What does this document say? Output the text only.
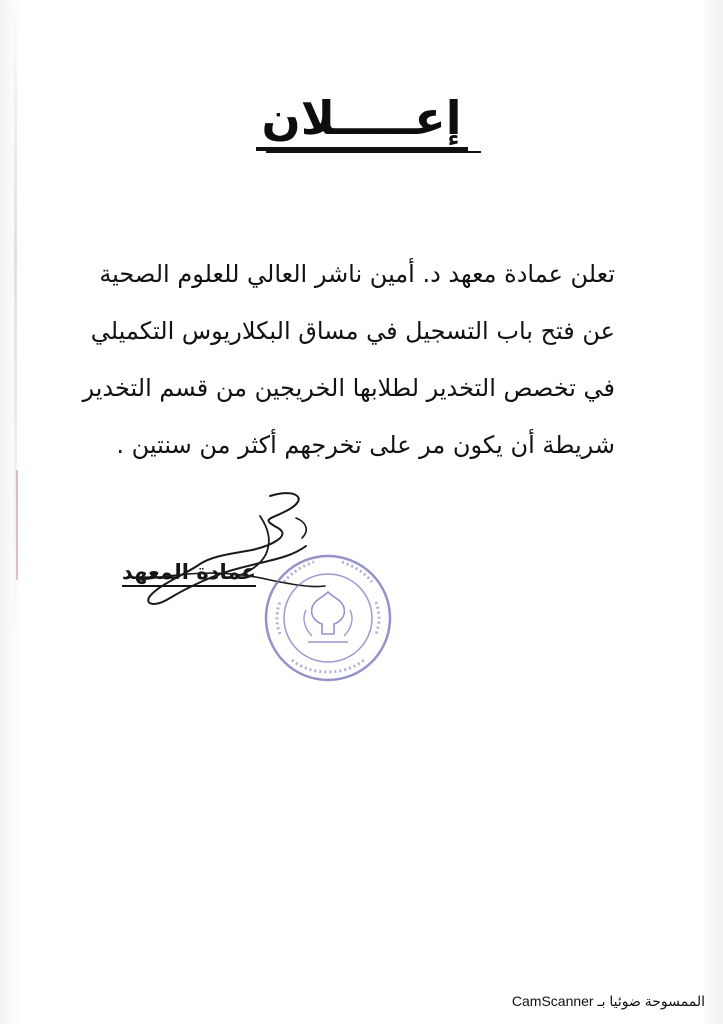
إعـــــلان
تعلن عمادة معهد د. أمين ناشر العالي للعلوم الصحية
عن فتح باب التسجيل في مساق البكلاريوس التكميلي
في تخصص التخدير لطلابها الخريجين من قسم التخدير
شريطة أن يكون مر على تخرجهم أكثر من سنتين .
عمادة المعهد
الممسوحة ضوئيا بـ CamScanner
